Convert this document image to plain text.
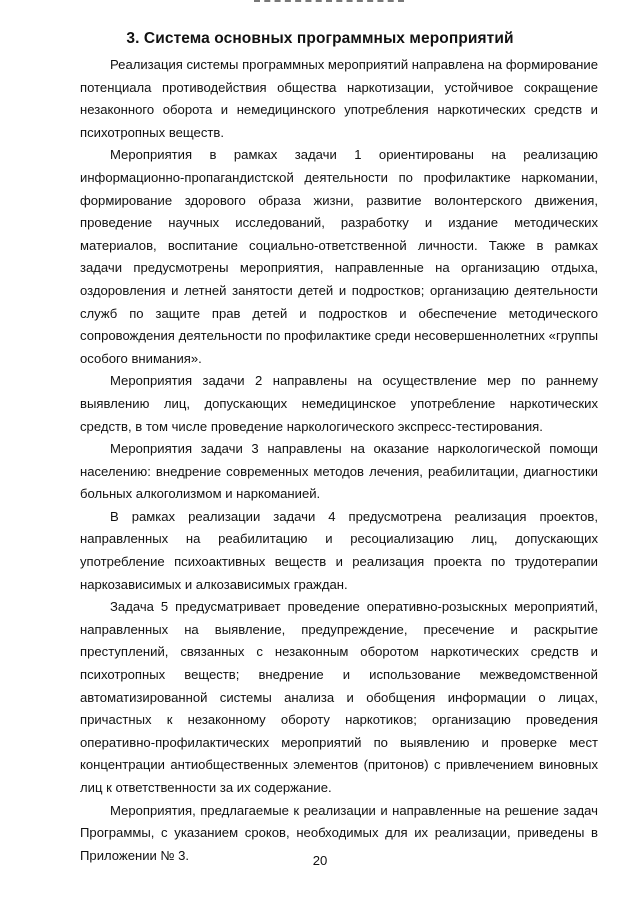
3. Система основных программных мероприятий

Реализация системы программных мероприятий направлена на формирование потенциала противодействия общества наркотизации, устойчивое сокращение незаконного оборота и немедицинского употребления наркотических средств и психотропных веществ.

Мероприятия в рамках задачи 1 ориентированы на реализацию информационно-пропагандистской деятельности по профилактике наркомании, формирование здорового образа жизни, развитие волонтерского движения, проведение научных исследований, разработку и издание методических материалов, воспитание социально-ответственной личности. Также в рамках задачи предусмотрены мероприятия, направленные на организацию отдыха, оздоровления и летней занятости детей и подростков; организацию деятельности служб по защите прав детей и подростков и обеспечение методического сопровождения деятельности по профилактике среди несовершеннолетних «группы особого внимания».

Мероприятия задачи 2 направлены на осуществление мер по раннему выявлению лиц, допускающих немедицинское употребление наркотических средств, в том числе проведение наркологического экспресс-тестирования.

Мероприятия задачи 3 направлены на оказание наркологической помощи населению: внедрение современных методов лечения, реабилитации, диагностики больных алкоголизмом и наркоманией.

В рамках реализации задачи 4 предусмотрена реализация проектов, направленных на реабилитацию и ресоциализацию лиц, допускающих употребление психоактивных веществ и реализация проекта по трудотерапии наркозависимых и алкозависимых граждан.

Задача 5 предусматривает проведение оперативно-розыскных мероприятий, направленных на выявление, предупреждение, пресечение и раскрытие преступлений, связанных с незаконным оборотом наркотических средств и психотропных веществ; внедрение и использование межведомственной автоматизированной системы анализа и обобщения информации о лицах, причастных к незаконному обороту наркотиков; организацию проведения оперативно-профилактических мероприятий по выявлению и проверке мест концентрации антиобщественных элементов (притонов) с привлечением виновных лиц к ответственности за их содержание.

Мероприятия, предлагаемые к реализации и направленные на решение задач Программы, с указанием сроков, необходимых для их реализации, приведены в Приложении № 3.	20
